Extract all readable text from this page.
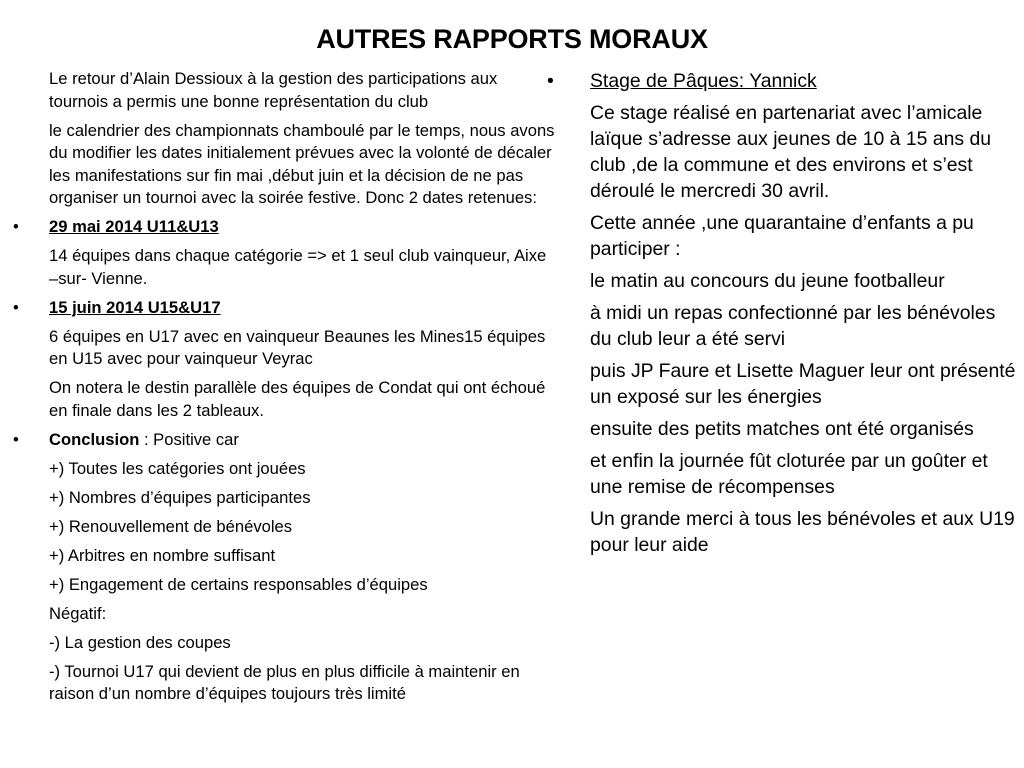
AUTRES RAPPORTS MORAUX
Le retour d’Alain Dessioux à la gestion des participations aux tournois a permis une bonne représentation du club
le calendrier des championnats chamboulé par le temps, nous avons du modifier les dates initialement prévues avec la volonté de décaler les manifestations sur fin mai ,début juin et la décision de ne pas organiser un tournoi avec la soirée festive. Donc 2 dates retenues:
• 29 mai 2014 U11&U13
14 équipes dans chaque catégorie => et 1 seul club vainqueur, Aixe –sur- Vienne.
• 15 juin 2014 U15&U17
6 équipes en U17 avec en vainqueur Beaunes les Mines15 équipes en U15 avec pour vainqueur Veyrac
On notera le destin parallèle des équipes de Condat qui ont échoué en finale dans les 2 tableaux.
• Conclusion : Positive car
+) Toutes les catégories ont jouées
+) Nombres d’équipes participantes
+) Renouvellement de bénévoles
+) Arbitres en nombre suffisant
+) Engagement de certains responsables d’équipes
Négatif:
-) La gestion des coupes
-) Tournoi U17 qui devient de plus en plus difficile à maintenir en raison d’un nombre d’équipes toujours très limité
• Stage de Pâques: Yannick
Ce stage réalisé en partenariat avec l’amicale laïque s’adresse aux jeunes de 10 à 15 ans du club ,de la commune et des environs et s’est déroulé le mercredi 30 avril.
Cette année ,une quarantaine d’enfants a pu participer :
le matin au concours du jeune footballeur
à midi un repas confectionné par les bénévoles du club leur a été servi
puis JP Faure et Lisette Maguer leur ont présenté un exposé sur les énergies
ensuite des petits matches ont été organisés
et enfin la journée fût cloturée par un goûter et une remise de récompenses
Un grande merci à tous les bénévoles et aux U19 pour leur aide
